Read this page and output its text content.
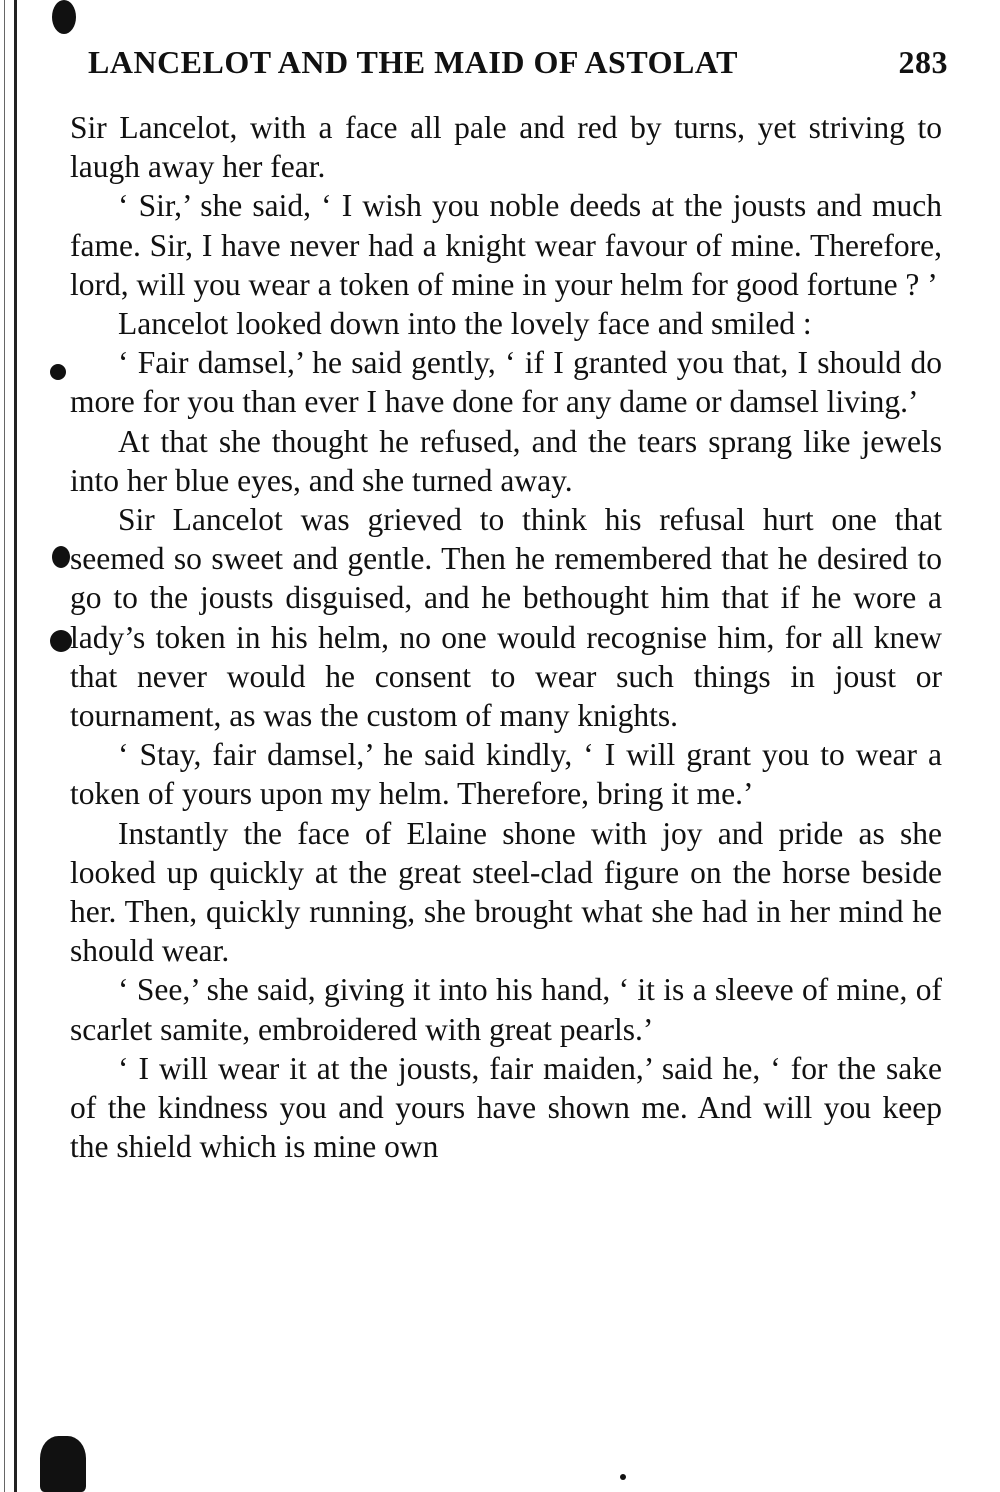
LANCELOT AND THE MAID OF ASTOLAT	283

Sir Lancelot, with a face all pale and red by turns, yet striving to laugh away her fear.

‘ Sir,’ she said, ‘ I wish you noble deeds at the jousts and much fame. Sir, I have never had a knight wear favour of mine. Therefore, lord, will you wear a token of mine in your helm for good fortune ? ’

Lancelot looked down into the lovely face and smiled :

‘ Fair damsel,’ he said gently, ‘ if I granted you that, I should do more for you than ever I have done for any dame or damsel living.’

At that she thought he refused, and the tears sprang like jewels into her blue eyes, and she turned away.

Sir Lancelot was grieved to think his refusal hurt one that seemed so sweet and gentle. Then he remembered that he desired to go to the jousts disguised, and he bethought him that if he wore a lady’s token in his helm, no one would recognise him, for all knew that never would he consent to wear such things in joust or tournament, as was the custom of many knights.

‘ Stay, fair damsel,’ he said kindly, ‘ I will grant you to wear a token of yours upon my helm. Therefore, bring it me.’

Instantly the face of Elaine shone with joy and pride as she looked up quickly at the great steel-clad figure on the horse beside her. Then, quickly running, she brought what she had in her mind he should wear.

‘ See,’ she said, giving it into his hand, ‘ it is a sleeve of mine, of scarlet samite, embroidered with great pearls.’

‘ I will wear it at the jousts, fair maiden,’ said he, ‘ for the sake of the kindness you and yours have shown me. And will you keep the shield which is mine own
